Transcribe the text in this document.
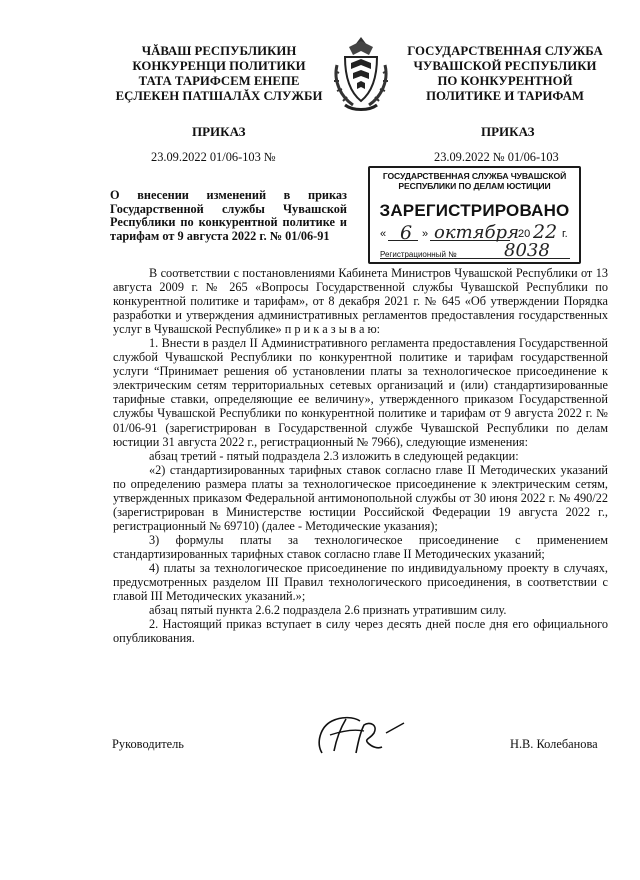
ЧĂВАШ РЕСПУБЛИКИН
КОНКУРЕНЦИ ПОЛИТИКИ
ТАТА ТАРИФСЕМ ЕНЕПЕ
ЕÇЛЕКЕН ПАТШАЛĂХ СЛУЖБИ
ГОСУДАРСТВЕННАЯ СЛУЖБА
ЧУВАШСКОЙ РЕСПУБЛИКИ
ПО КОНКУРЕНТНОЙ
ПОЛИТИКЕ И ТАРИФАМ
ПРИКАЗ	ПРИКАЗ
23.09.2022 01/06-103 №	23.09.2022 № 01/06-103
О внесении изменений в приказ Государственной службы Чувашской Республики по конкурентной политике и тарифам от 9 августа 2022 г. № 01/06-91
ГОСУДАРСТВЕННАЯ СЛУЖБА ЧУВАШСКОЙ
РЕСПУБЛИКИ ПО ДЕЛАМ ЮСТИЦИИ
ЗАРЕГИСТРИРОВАНО
« 6 » октября 20 22 г.
Регистрационный №	8038

В соответствии с постановлениями Кабинета Министров Чувашской Республики от 13 августа 2009 г. № 265 «Вопросы Государственной службы Чувашской Республики по конкурентной политике и тарифам», от 8 декабря 2021 г. № 645 «Об утверждении Порядка разработки и утверждения административных регламентов предоставления государственных услуг в Чувашской Республике» п р и к а з ы в а ю:

1. Внести в раздел II Административного регламента предоставления Государственной службой Чувашской Республики по конкурентной политике и тарифам государственной услуги “Принимает решения об установлении платы за технологическое присоединение к электрическим сетям территориальных сетевых организаций и (или) стандартизированные тарифные ставки, определяющие ее величину», утвержденного приказом Государственной службы Чувашской Республики по конкурентной политике и тарифам от 9 августа 2022 г. № 01/06-91 (зарегистрирован в Государственной службе Чувашской Республики по делам юстиции 31 августа 2022 г., регистрационный № 7966), следующие изменения:

абзац третий - пятый подраздела 2.3 изложить в следующей редакции:

«2) стандартизированных тарифных ставок согласно главе II Методических указаний по определению размера платы за технологическое присоединение к электрическим сетям, утвержденных приказом Федеральной антимонопольной службы от 30 июня 2022 г. № 490/22 (зарегистрирован в Министерстве юстиции Российской Федерации 19 августа 2022 г., регистрационный № 69710) (далее - Методические указания);

3) формулы платы за технологическое присоединение с применением стандартизированных тарифных ставок согласно главе II Методических указаний;

4) платы за технологическое присоединение по индивидуальному проекту в случаях, предусмотренных разделом III Правил технологического присоединения, в соответствии с главой III Методических указаний.»;

абзац пятый пункта 2.6.2 подраздела 2.6 признать утратившим силу.

2. Настоящий приказ вступает в силу через десять дней после дня его официального опубликования.

Руководитель	Н.В. Колебанова
